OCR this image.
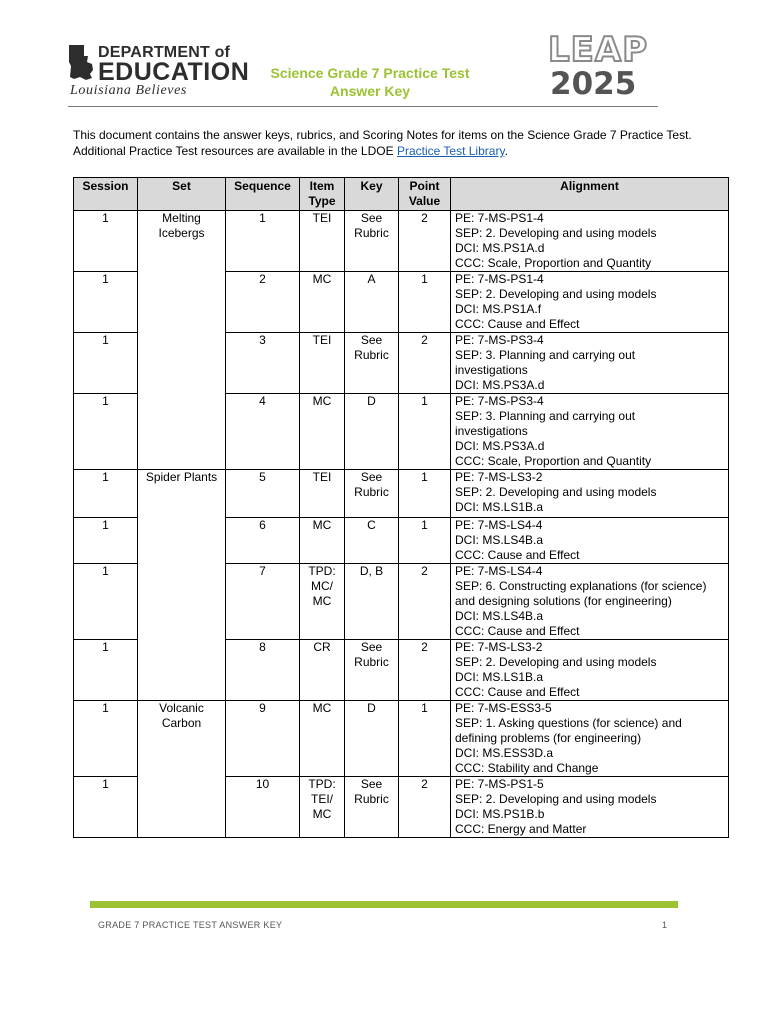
DEPARTMENT of
EDUCATION
Louisiana Believes
Science Grade 7 Practice Test
Answer Key
LEAP
2025
This document contains the answer keys, rubrics, and Scoring Notes for items on the Science Grade 7 Practice Test. Additional Practice Test resources are available in the LDOE Practice Test Library.
Session	Set	Sequence	Item Type	Key	Point Value	Alignment
1	Melting Icebergs	1	TEI	See Rubric	2	PE: 7-MS-PS1-4
SEP: 2. Developing and using models
DCI: MS.PS1A.d
CCC: Scale, Proportion and Quantity

1		2	MC	A	1	PE: 7-MS-PS1-4
SEP: 2. Developing and using models
DCI: MS.PS1A.f
CCC: Cause and Effect

1		3	TEI	See Rubric	2	PE: 7-MS-PS3-4
SEP: 3. Planning and carrying out
investigations
DCI: MS.PS3A.d

1		4	MC	D	1	PE: 7-MS-PS3-4
SEP: 3. Planning and carrying out
investigations
DCI: MS.PS3A.d
CCC: Scale, Proportion and Quantity

1	Spider Plants	5	TEI	See Rubric	1	PE: 7-MS-LS3-2
SEP: 2. Developing and using models
DCI: MS.LS1B.a

1		6	MC	C	1	PE: 7-MS-LS4-4
DCI: MS.LS4B.a
CCC: Cause and Effect

1		7	TPD: MC/ MC	D, B	2	PE: 7-MS-LS4-4
SEP: 6. Constructing explanations (for science)
and designing solutions (for engineering)
DCI: MS.LS4B.a
CCC: Cause and Effect

1		8	CR	See Rubric	2	PE: 7-MS-LS3-2
SEP: 2. Developing and using models
DCI: MS.LS1B.a
CCC: Cause and Effect

1	Volcanic Carbon	9	MC	D	1	PE: 7-MS-ESS3-5
SEP: 1. Asking questions (for science) and
defining problems (for engineering)
DCI: MS.ESS3D.a
CCC: Stability and Change

1		10	TPD: TEI/ MC	See Rubric	2	PE: 7-MS-PS1-5
SEP: 2. Developing and using models
DCI: MS.PS1B.b
CCC: Energy and Matter
GRADE 7 PRACTICE TEST ANSWER KEY	1
